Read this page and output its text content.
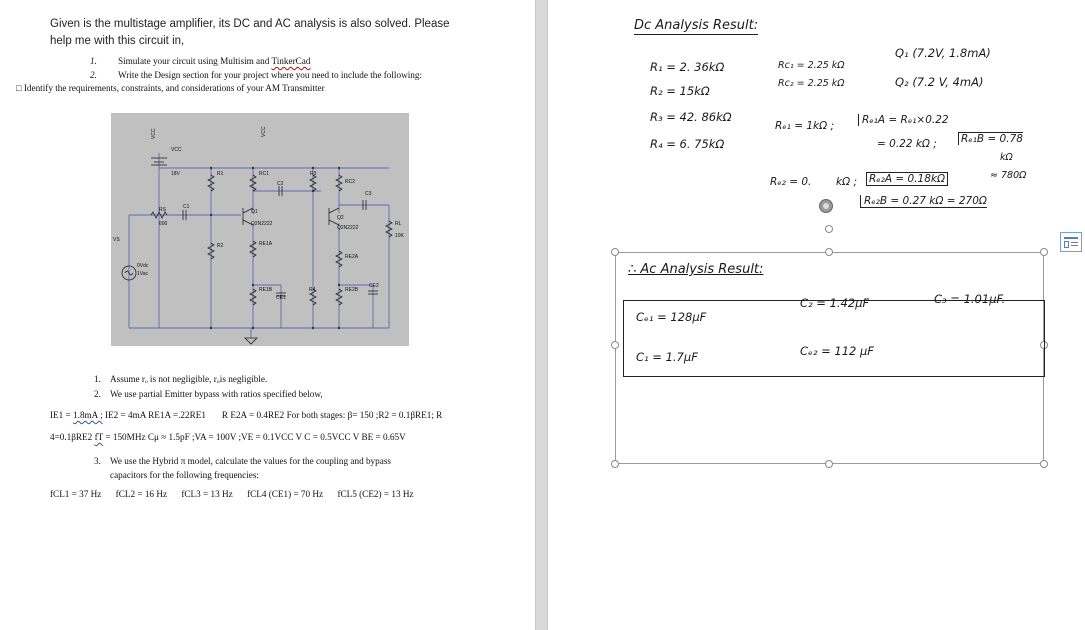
Given is the multistage amplifier, its DC and AC analysis is also solved. Please
help me with this circuit in,
1. Simulate your circuit using Multisim and TinkerCad
2. Write the Design section for your project where you need to include the following:
□ Identify the requirements, constraints, and considerations of your AM Transmitter
VCC	VCC
VCC
18V	R1	RC1	R3
RC2
C2
C3
RS	C1
Q1
Q2N2222
Q2
Q2N2222
RL
10K
600
VS
R2	RE1A
RE2A
0Vdc
1Vac
RE1B
CE1
R4	RE2B
CE2
1. Assume rₒ is not negligible, rᵤis negligible.
2. We use partial Emitter bypass with ratios specified below,
IE1 = 1.8mA ; IE2 = 4mA RE1A =.22RE1 R E2A = 0.4RE2 For both stages: β= 150 ;R2 = 0.1βRE1; R
4=0.1βRE2 fT = 150MHz Cμ ≈ 1.5pF ;VA = 100V ;VE = 0.1VCC V C = 0.5VCC V BE = 0.65V
3. We use the Hybrid π model, calculate the values for the coupling and bypass
capacitors for the following frequencies:
fCL1 = 37 Hz fCL2 = 16 Hz fCL3 = 13 Hz fCL4 (CE1) = 70 Hz fCL5 (CE2) = 13 Hz
Dc Analysis Result:
R₁ = 2. 36kΩ
R₂ = 15kΩ
R₃ = 42. 86kΩ
R₄ = 6. 75kΩ
Rc₁ = 2.25 kΩ
Rc₂ = 2.25 kΩ
Q₁ (7.2V, 1.8mA)
Q₂ (7.2 V, 4mA)
Rₑ₁ = 1kΩ ;	Rₑ₁A = Rₑ₁×0.22
= 0.22 kΩ ; Rₑ₁B = 0.78
kΩ
≈ 780Ω
Rₑ₂ = 0. kΩ ; Rₑ₂A = 0.18kΩ
Rₑ₂B = 0.27 kΩ = 270Ω
∴ Ac Analysis Result:
Cₑ₁ = 128μF
C₂ = 1.42μF	C₃ = 1.01μF.
C₁ = 1.7μF	Cₑ₂ = 112 μF
